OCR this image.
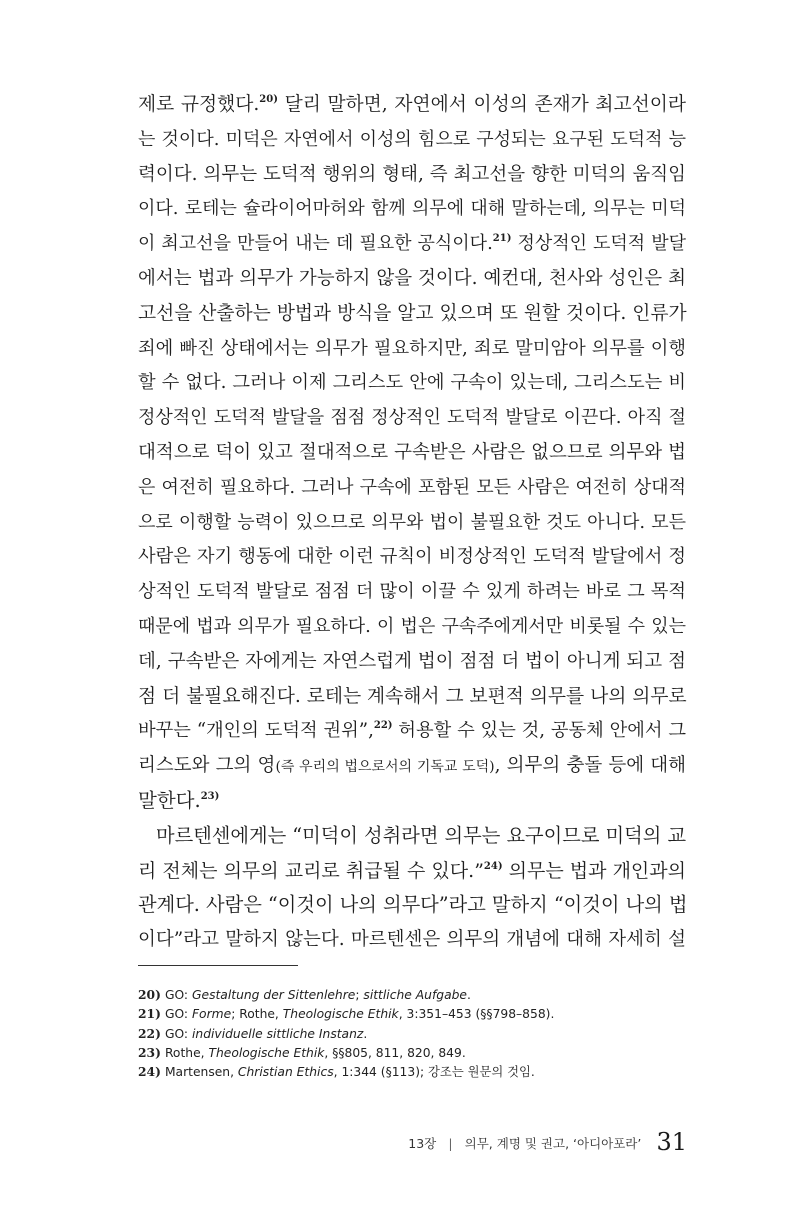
제로 규정했다.$^{20)}$ 달리 말하면, 자연에서 이성의 존재가 최고선이라
는 것이다. 미덕은 자연에서 이성의 힘으로 구성되는 요구된 도덕적 능
력이다. 의무는 도덕적 행위의 형태, 즉 최고선을 향한 미덕의 움직임
이다. 로테는 슐라이어마허와 함께 의무에 대해 말하는데, 의무는 미덕
이 최고선을 만들어 내는 데 필요한 공식이다.$^{21)}$ 정상적인 도덕적 발달
에서는 법과 의무가 가능하지 않을 것이다. 예컨대, 천사와 성인은 최
고선을 산출하는 방법과 방식을 알고 있으며 또 원할 것이다. 인류가
죄에 빠진 상태에서는 의무가 필요하지만, 죄로 말미암아 의무를 이행
할 수 없다. 그러나 이제 그리스도 안에 구속이 있는데, 그리스도는 비
정상적인 도덕적 발달을 점점 정상적인 도덕적 발달로 이끈다. 아직 절
대적으로 덕이 있고 절대적으로 구속받은 사람은 없으므로 의무와 법
은 여전히 필요하다. 그러나 구속에 포함된 모든 사람은 여전히 상대적
으로 이행할 능력이 있으므로 의무와 법이 불필요한 것도 아니다. 모든
사람은 자기 행동에 대한 이런 규칙이 비정상적인 도덕적 발달에서 정
상적인 도덕적 발달로 점점 더 많이 이끌 수 있게 하려는 바로 그 목적
때문에 법과 의무가 필요하다. 이 법은 구속주에게서만 비롯될 수 있는
데, 구속받은 자에게는 자연스럽게 법이 점점 더 법이 아니게 되고 점
점 더 불필요해진다. 로테는 계속해서 그 보편적 의무를 나의 의무로
바꾸는 “개인의 도덕적 권위”,$^{22)}$ 허용할 수 있는 것, 공동체 안에서 그
리스도와 그의 영(즉 우리의 법으로서의 기독교 도덕), 의무의 충돌 등에 대해
말한다.$^{23)}$
마르텐센에게는 “미덕이 성취라면 의무는 요구이므로 미덕의 교
리 전체는 의무의 교리로 취급될 수 있다.”$^{24)}$ 의무는 법과 개인과의
관계다. 사람은 “이것이 나의 의무다”라고 말하지 “이것이 나의 법
이다”라고 말하지 않는다. 마르텐센은 의무의 개념에 대해 자세히 설
20) GO: Gestaltung der Sittenlehre; sittliche Aufgabe.
21) GO: Forme; Rothe, Theologische Ethik, 3:351–453 (§§798–858).
22) GO: individuelle sittliche Instanz.
23) Rothe, Theologische Ethik, §§805, 811, 820, 849.
24) Martensen, Christian Ethics, 1:344 (§113); 강조는 원문의 것임.
13장 | 의무, 계명 및 권고, ‘아디아포라’ 31
